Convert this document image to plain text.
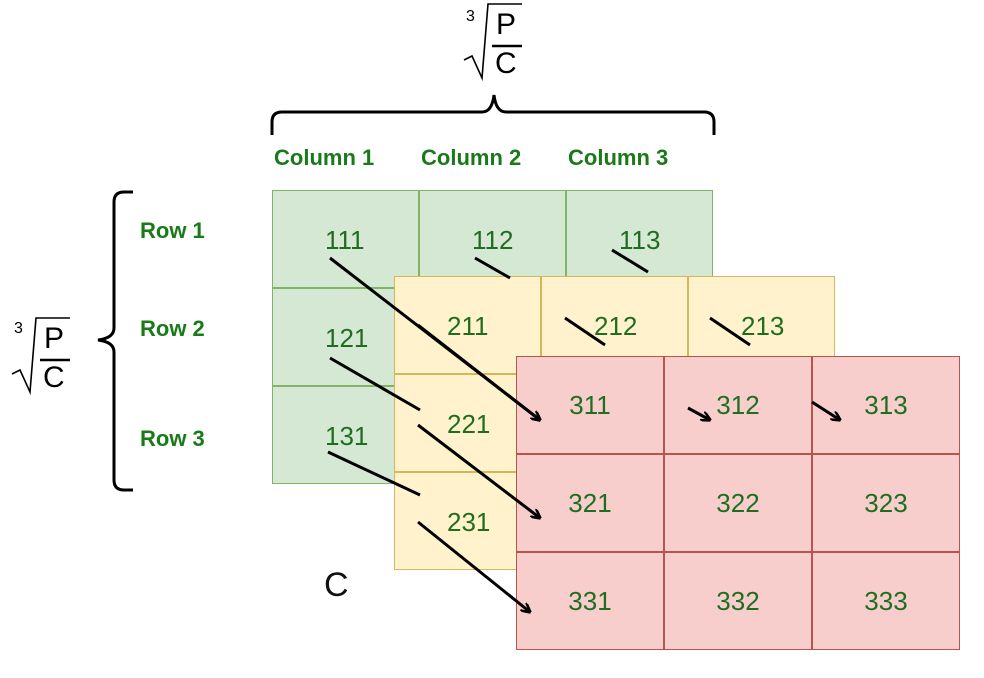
3 P
C
3 P
C
Column 1 Column 2 Column 3
Row 1
Row 2
Row 3
111	112	113
121
131
211	212	213
221
231
311	312	313
321	322	323
331	332	333
C
